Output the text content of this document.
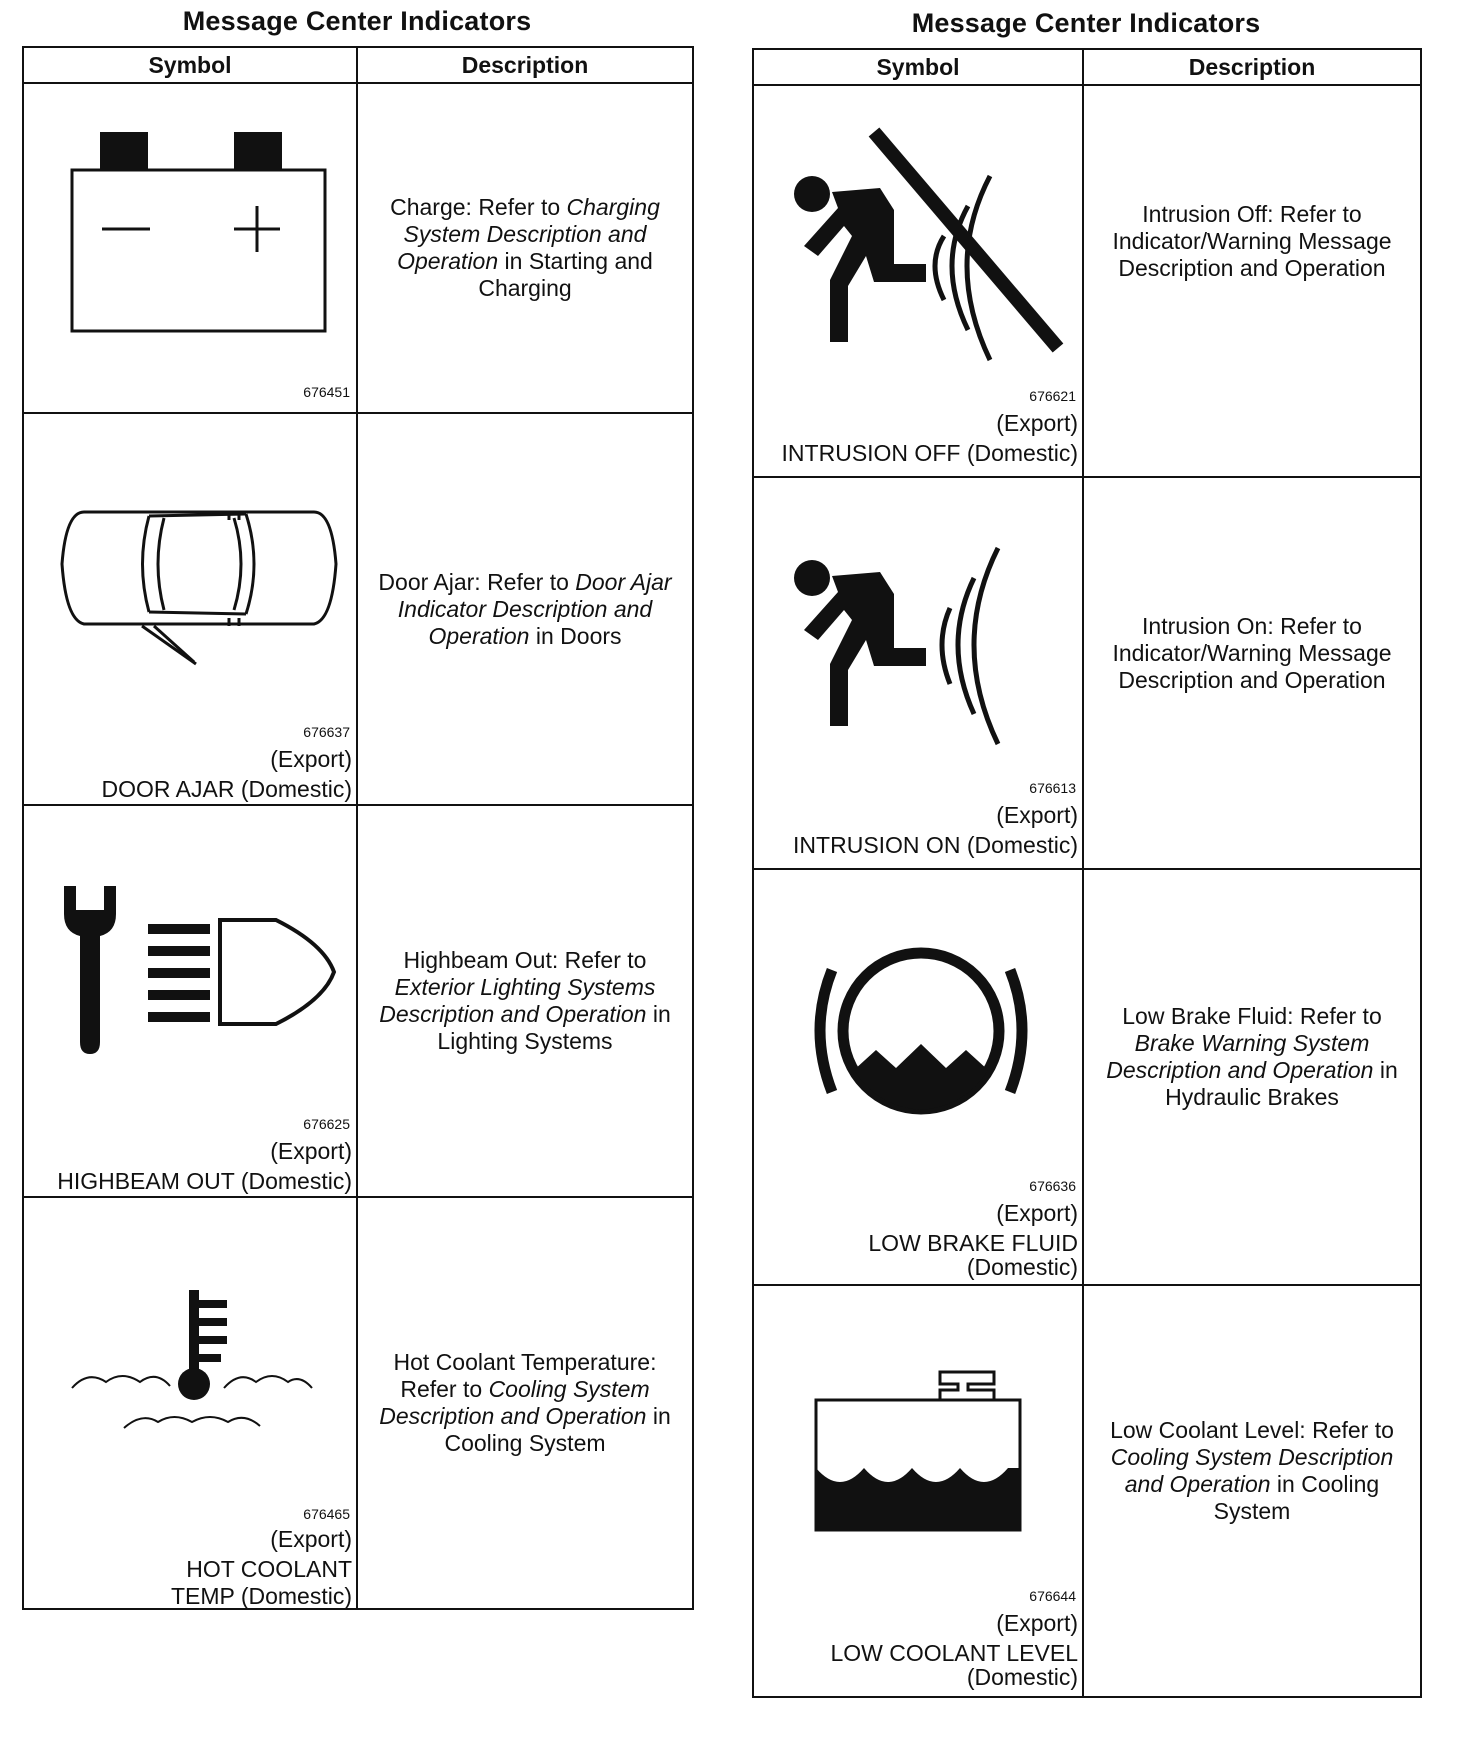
Message Center Indicators
Symbol	Description

676451	Charge: Refer to Charging System Description and Operation in Starting and Charging

676637
(Export)
DOOR AJAR (Domestic)	Door Ajar: Refer to Door Ajar Indicator Description and Operation in Doors

676625
(Export)
HIGHBEAM OUT (Domestic)	Highbeam Out: Refer to Exterior Lighting Systems Description and Operation in Lighting Systems

676465
(Export)
HOT COOLANT TEMP (Domestic)	Hot Coolant Temperature: Refer to Cooling System Description and Operation in Cooling System
Message Center Indicators
Symbol	Description

676621
(Export)
INTRUSION OFF (Domestic)	Intrusion Off: Refer to Indicator/Warning Message Description and Operation

676613
(Export)
INTRUSION ON (Domestic)	Intrusion On: Refer to Indicator/Warning Message Description and Operation

676636
(Export)
LOW BRAKE FLUID
(Domestic)	Low Brake Fluid: Refer to Brake Warning System Description and Operation in Hydraulic Brakes

676644
(Export)
LOW COOLANT LEVEL
(Domestic)	Low Coolant Level: Refer to Cooling System Description and Operation in Cooling System
